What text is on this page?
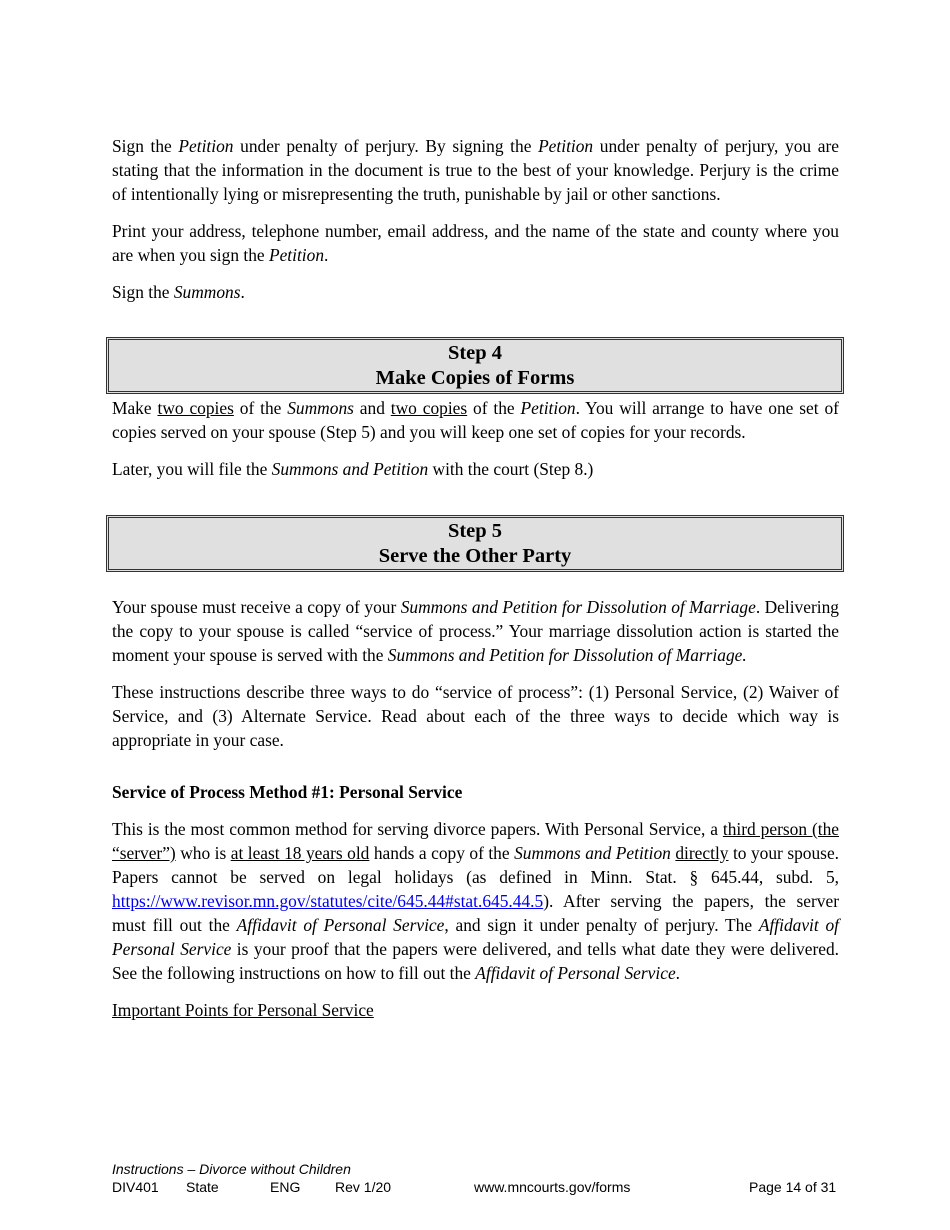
Sign the Petition under penalty of perjury. By signing the Petition under penalty of perjury, you are stating that the information in the document is true to the best of your knowledge. Perjury is the crime of intentionally lying or misrepresenting the truth, punishable by jail or other sanctions.

Print your address, telephone number, email address, and the name of the state and county where you are when you sign the Petition.

Sign the Summons.

Step 4
Make Copies of Forms

Make two copies of the Summons and two copies of the Petition. You will arrange to have one set of copies served on your spouse (Step 5) and you will keep one set of copies for your records.

Later, you will file the Summons and Petition with the court (Step 8.)

Step 5
Serve the Other Party

Your spouse must receive a copy of your Summons and Petition for Dissolution of Marriage. Delivering the copy to your spouse is called “service of process.” Your marriage dissolution action is started the moment your spouse is served with the Summons and Petition for Dissolution of Marriage.

These instructions describe three ways to do “service of process”: (1) Personal Service, (2) Waiver of Service, and (3) Alternate Service. Read about each of the three ways to decide which way is appropriate in your case.

Service of Process Method #1: Personal Service

This is the most common method for serving divorce papers. With Personal Service, a third person (the “server”) who is at least 18 years old hands a copy of the Summons and Petition directly to your spouse. Papers cannot be served on legal holidays (as defined in Minn. Stat. § 645.44, subd. 5, https://www.revisor.mn.gov/statutes/cite/645.44#stat.645.44.5). After serving the papers, the server must fill out the Affidavit of Personal Service, and sign it under penalty of perjury. The Affidavit of Personal Service is your proof that the papers were delivered, and tells what date they were delivered. See the following instructions on how to fill out the Affidavit of Personal Service.

Important Points for Personal Service

Instructions – Divorce without Children
DIV401 State	ENG Rev 1/20	www.mncourts.gov/forms	Page 14 of 31
